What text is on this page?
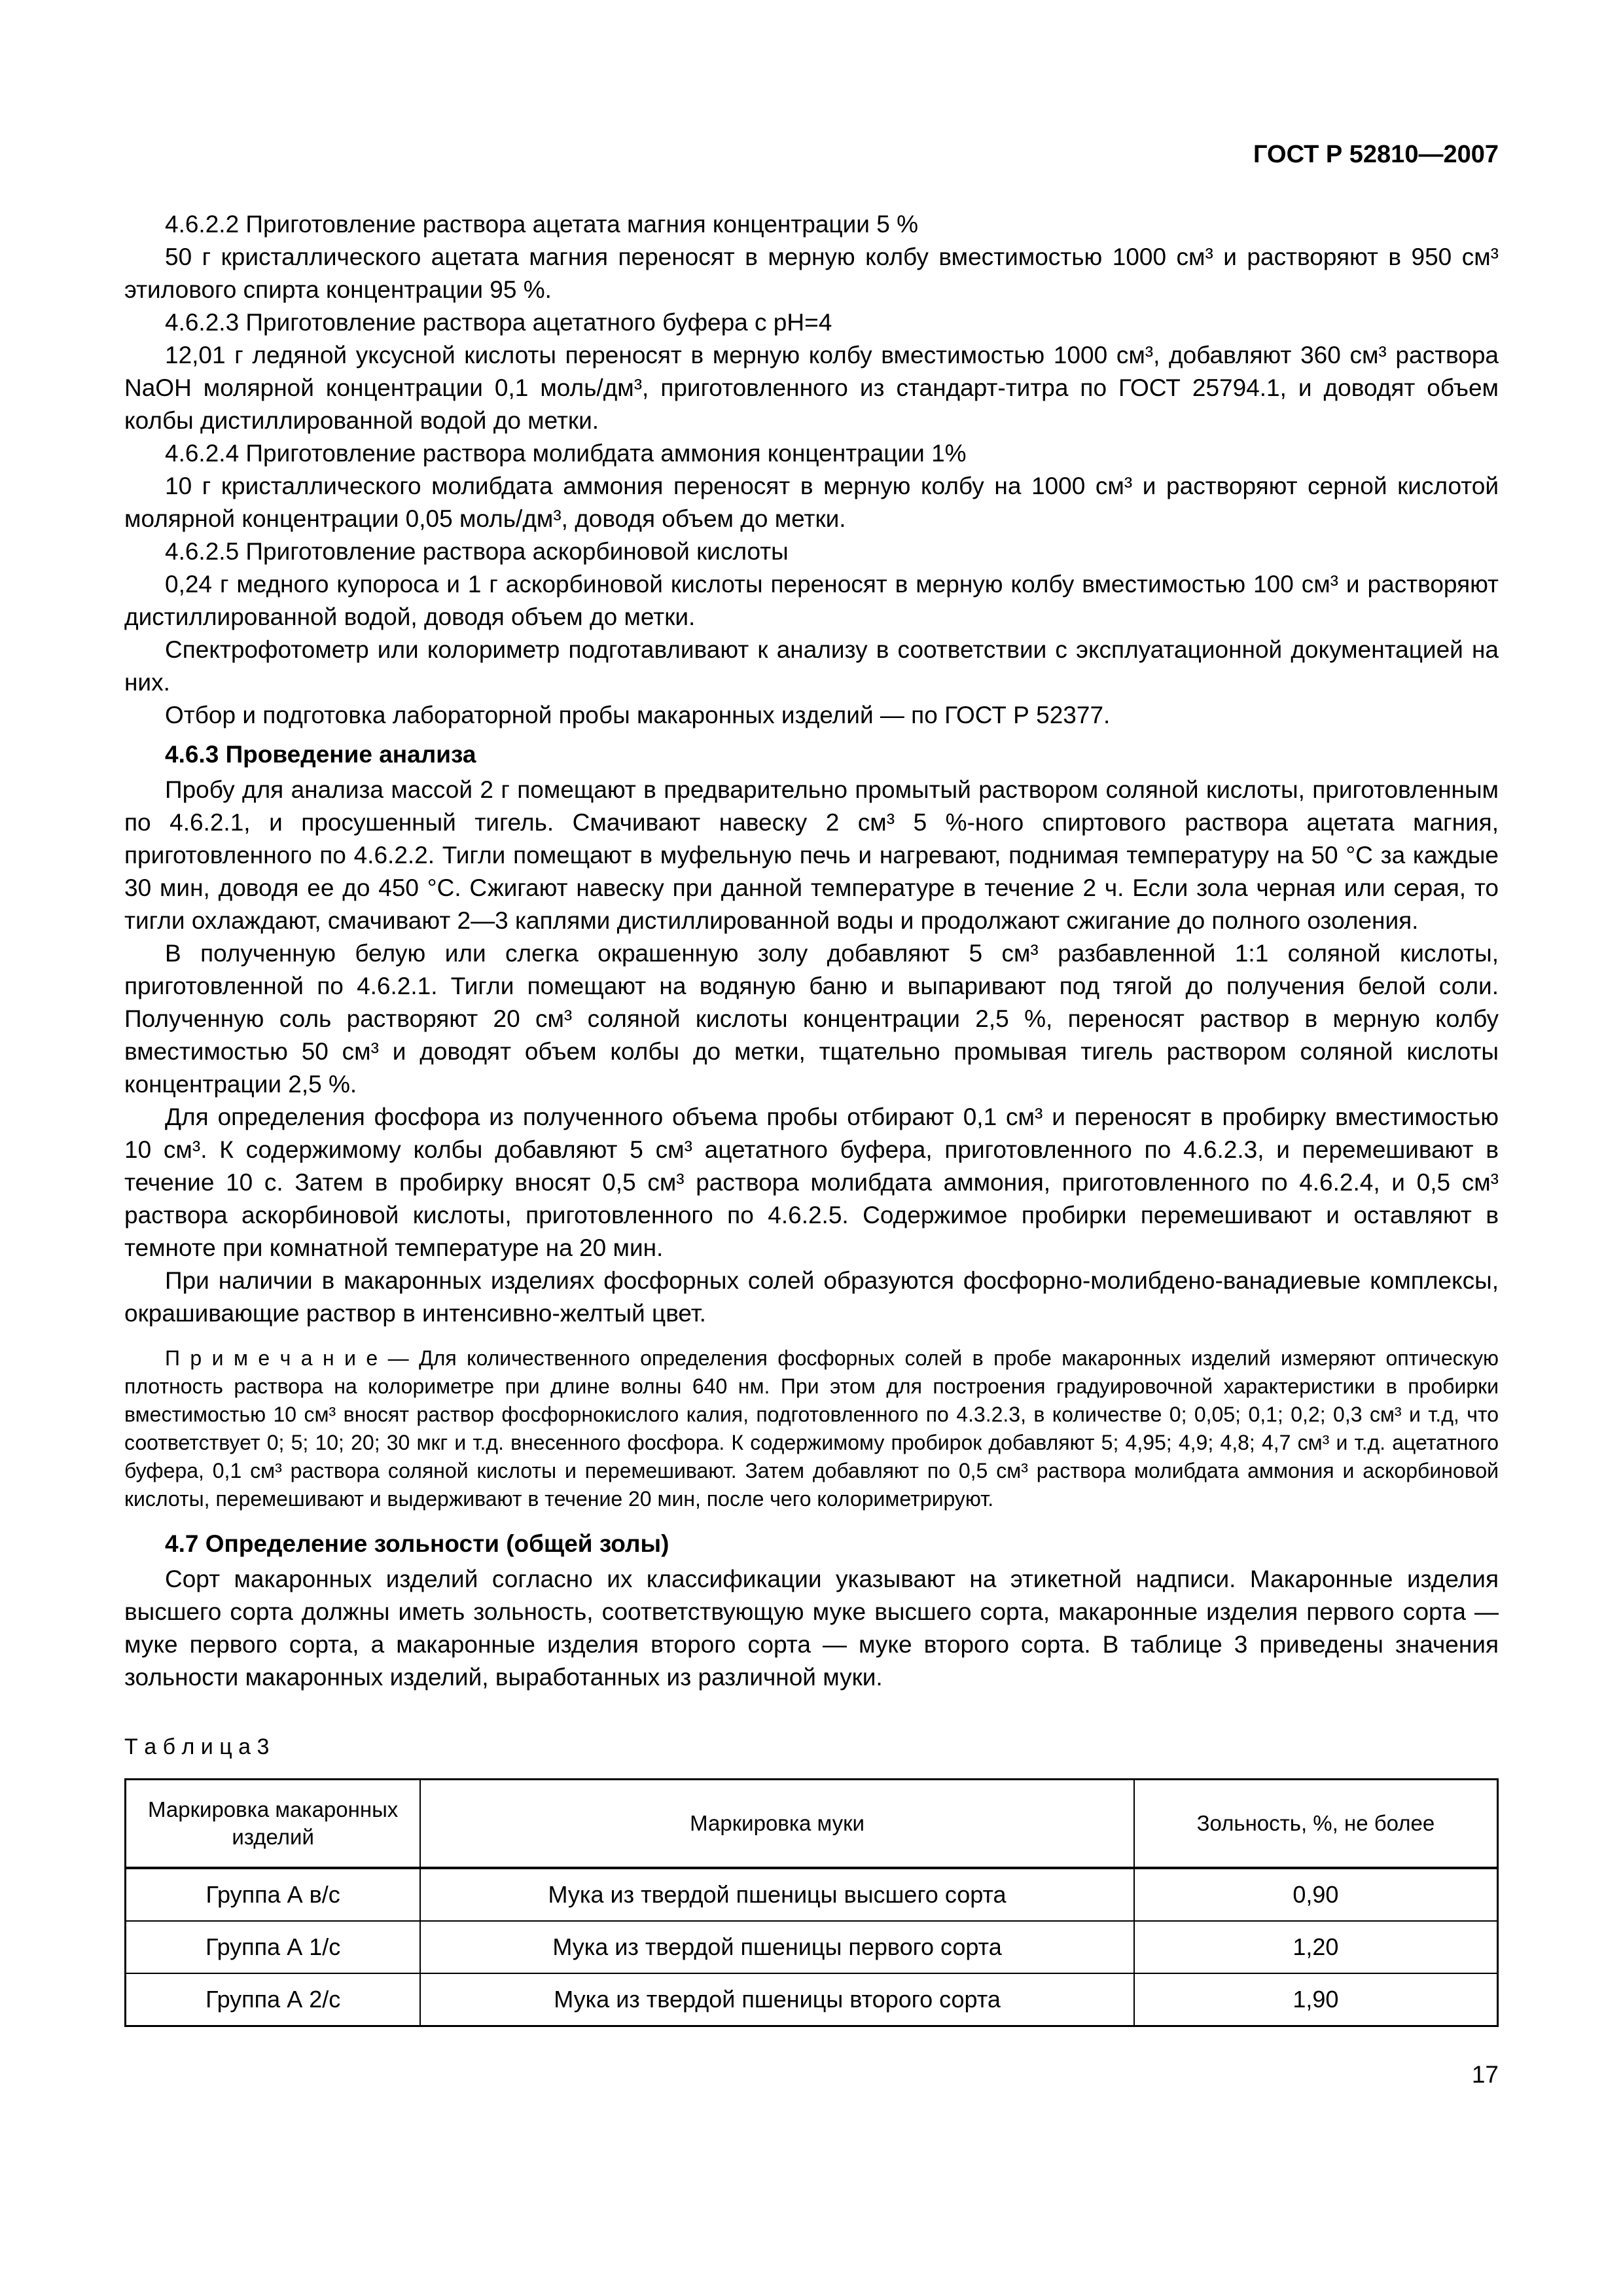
ГОСТ Р 52810—2007

4.6.2.2 Приготовление раствора ацетата магния концентрации 5 %

50 г кристаллического ацетата магния переносят в мерную колбу вместимостью 1000 см³ и растворяют в 950 см³ этилового спирта концентрации 95 %.

4.6.2.3 Приготовление раствора ацетатного буфера с рН=4

12,01 г ледяной уксусной кислоты переносят в мерную колбу вместимостью 1000 см³, добавляют 360 см³ раствора NaOH молярной концентрации 0,1 моль/дм³, приготовленного из стандарт-титра по ГОСТ 25794.1, и доводят объем колбы дистиллированной водой до метки.

4.6.2.4 Приготовление раствора молибдата аммония концентрации 1%

10 г кристаллического молибдата аммония переносят в мерную колбу на 1000 см³ и растворяют серной кислотой молярной концентрации 0,05 моль/дм³, доводя объем до метки.

4.6.2.5 Приготовление раствора аскорбиновой кислоты

0,24 г медного купороса и 1 г аскорбиновой кислоты переносят в мерную колбу вместимостью 100 см³ и растворяют дистиллированной водой, доводя объем до метки.

Спектрофотометр или колориметр подготавливают к анализу в соответствии с эксплуатационной документацией на них.

Отбор и подготовка лабораторной пробы макаронных изделий — по ГОСТ Р 52377.

4.6.3 Проведение анализа

Пробу для анализа массой 2 г помещают в предварительно промытый раствором соляной кислоты, приготовленным по 4.6.2.1, и просушенный тигель. Смачивают навеску 2 см³ 5 %-ного спиртового раствора ацетата магния, приготовленного по 4.6.2.2. Тигли помещают в муфельную печь и нагревают, поднимая температуру на 50 °С за каждые 30 мин, доводя ее до 450 °С. Сжигают навеску при данной температуре в течение 2 ч. Если зола черная или серая, то тигли охлаждают, смачивают 2—3 каплями дистиллированной воды и продолжают сжигание до полного озоления.

В полученную белую или слегка окрашенную золу добавляют 5 см³ разбавленной 1:1 соляной кислоты, приготовленной по 4.6.2.1. Тигли помещают на водяную баню и выпаривают под тягой до получения белой соли. Полученную соль растворяют 20 см³ соляной кислоты концентрации 2,5 %, переносят раствор в мерную колбу вместимостью 50 см³ и доводят объем колбы до метки, тщательно промывая тигель раствором соляной кислоты концентрации 2,5 %.

Для определения фосфора из полученного объема пробы отбирают 0,1 см³ и переносят в пробирку вместимостью 10 см³. К содержимому колбы добавляют 5 см³ ацетатного буфера, приготовленного по 4.6.2.3, и перемешивают в течение 10 с. Затем в пробирку вносят 0,5 см³ раствора молибдата аммония, приготовленного по 4.6.2.4, и 0,5 см³ раствора аскорбиновой кислоты, приготовленного по 4.6.2.5. Содержимое пробирки перемешивают и оставляют в темноте при комнатной температуре на 20 мин.

При наличии в макаронных изделиях фосфорных солей образуются фосфорно-молибдено-ванадиевые комплексы, окрашивающие раствор в интенсивно-желтый цвет.

П р и м е ч а н и е — Для количественного определения фосфорных солей в пробе макаронных изделий измеряют оптическую плотность раствора на колориметре при длине волны 640 нм. При этом для построения градуировочной характеристики в пробирки вместимостью 10 см³ вносят раствор фосфорнокислого калия, подготовленного по 4.3.2.3, в количестве 0; 0,05; 0,1; 0,2; 0,3 см³ и т.д, что соответствует 0; 5; 10; 20; 30 мкг и т.д. внесенного фосфора. К содержимому пробирок добавляют 5; 4,95; 4,9; 4,8; 4,7 см³ и т.д. ацетатного буфера, 0,1 см³ раствора соляной кислоты и перемешивают. Затем добавляют по 0,5 см³ раствора молибдата аммония и аскорбиновой кислоты, перемешивают и выдерживают в течение 20 мин, после чего колориметрируют.

4.7 Определение зольности (общей золы)

Сорт макаронных изделий согласно их классификации указывают на этикетной надписи. Макаронные изделия высшего сорта должны иметь зольность, соответствующую муке высшего сорта, макаронные изделия первого сорта — муке первого сорта, а макаронные изделия второго сорта — муке второго сорта. В таблице 3 приведены значения зольности макаронных изделий, выработанных из различной муки.

Т а б л и ц а 3
Маркировка макаронных изделий	Маркировка муки	Зольность, %, не более
Группа А в/с	Мука из твердой пшеницы высшего сорта	0,90
Группа А 1/с	Мука из твердой пшеницы первого сорта	1,20
Группа А 2/с	Мука из твердой пшеницы второго сорта	1,90
17
